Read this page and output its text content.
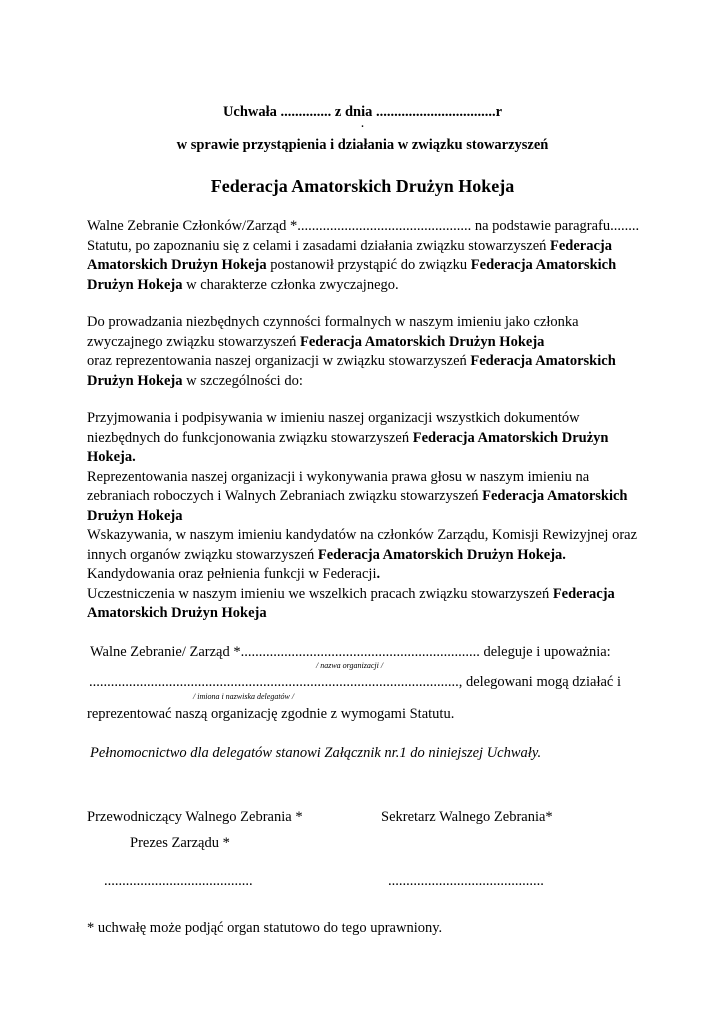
Uchwała .............. z dnia .................................r
.
w sprawie przystąpienia i działania w związku stowarzyszeń
Federacja Amatorskich Drużyn Hokeja
Walne Zebranie Członków/Zarząd *................................................ na podstawie paragrafu........
Statutu, po zapoznaniu się z celami i zasadami działania związku stowarzyszeń Federacja
Amatorskich Drużyn Hokeja postanowił przystąpić do związku Federacja Amatorskich
Drużyn Hokeja w charakterze członka zwyczajnego.
Do prowadzania niezbędnych czynności formalnych w naszym imieniu jako członka
zwyczajnego związku stowarzyszeń Federacja Amatorskich Drużyn Hokeja
oraz reprezentowania naszej organizacji w związku stowarzyszeń Federacja Amatorskich
Drużyn Hokeja w szczególności do:
Przyjmowania i podpisywania w imieniu naszej organizacji wszystkich dokumentów
niezbędnych do funkcjonowania związku stowarzyszeń Federacja Amatorskich Drużyn
Hokeja.
Reprezentowania naszej organizacji i wykonywania prawa głosu w naszym imieniu na
zebraniach roboczych i Walnych Zebraniach związku stowarzyszeń Federacja Amatorskich
Drużyn Hokeja
Wskazywania, w naszym imieniu kandydatów na członków Zarządu, Komisji Rewizyjnej oraz
innych organów związku stowarzyszeń Federacja Amatorskich Drużyn Hokeja.
Kandydowania oraz pełnienia funkcji w Federacji.
Uczestniczenia w naszym imieniu we wszelkich pracach związku stowarzyszeń Federacja
Amatorskich Drużyn Hokeja
Walne Zebranie/ Zarząd *.................................................................. deleguje i upoważnia:
/ nazwa organizacji /
......................................................................................................, delegowani mogą działać i
/ imiona i nazwiska delegatów /
reprezentować naszą organizację zgodnie z wymogami Statutu.
Pełnomocnictwo dla delegatów stanowi Załącznik nr.1 do niniejszej Uchwały.
Przewodniczący Walnego Zebrania *	Sekretarz Walnego Zebrania*
Prezes Zarządu *
.........................................	...........................................
* uchwałę może podjąć organ statutowo do tego uprawniony.
